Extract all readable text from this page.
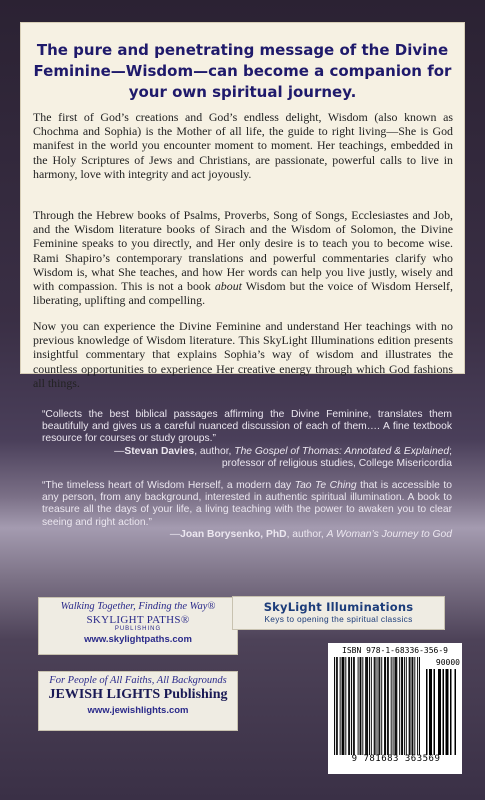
The pure and penetrating message of the Divine Feminine—Wisdom—can become a companion for your own spiritual journey.
The first of God’s creations and God’s endless delight, Wisdom (also known as Chochma and Sophia) is the Mother of all life, the guide to right living—She is God manifest in the world you encounter moment to moment. Her teachings, embedded in the Holy Scriptures of Jews and Christians, are passionate, powerful calls to live in harmony, love with integrity and act joyously.
Through the Hebrew books of Psalms, Proverbs, Song of Songs, Ecclesiastes and Job, and the Wisdom literature books of Sirach and the Wisdom of Solomon, the Divine Feminine speaks to you directly, and Her only desire is to teach you to become wise. Rami Shapiro’s contemporary translations and powerful commentaries clarify who Wisdom is, what She teaches, and how Her words can help you live justly, wisely and with compassion. This is not a book about Wisdom but the voice of Wisdom Herself, liberating, uplifting and compelling.
Now you can experience the Divine Feminine and understand Her teachings with no previous knowledge of Wisdom literature. This SkyLight Illuminations edition presents insightful commentary that explains Sophia’s way of wisdom and illustrates the countless opportunities to experience Her creative energy through which God fashions all things.
“Collects the best biblical passages affirming the Divine Feminine, translates them beautifully and gives us a careful nuanced discussion of each of them…. A fine textbook resource for courses or study groups.”
—Stevan Davies, author, The Gospel of Thomas: Annotated & Explained;
professor of religious studies, College Misericordia
“The timeless heart of Wisdom Herself, a modern day Tao Te Ching that is accessible to any person, from any background, interested in authentic spiritual illumination. A book to treasure all the days of your life, a living teaching with the power to awaken you to clear seeing and right action.”
—Joan Borysenko, PhD, author, A Woman’s Journey to God
Walking Together, Finding the Way®
SKYLIGHT PATHS®
PUBLISHING
www.skylightpaths.com
For People of All Faiths, All Backgrounds
JEWISH LIGHTS Publishing
www.jewishlights.com
SkyLight Illuminations
Keys to opening the spiritual classics
ISBN 978-1-68336-356-9
90000
9 781683 363569
